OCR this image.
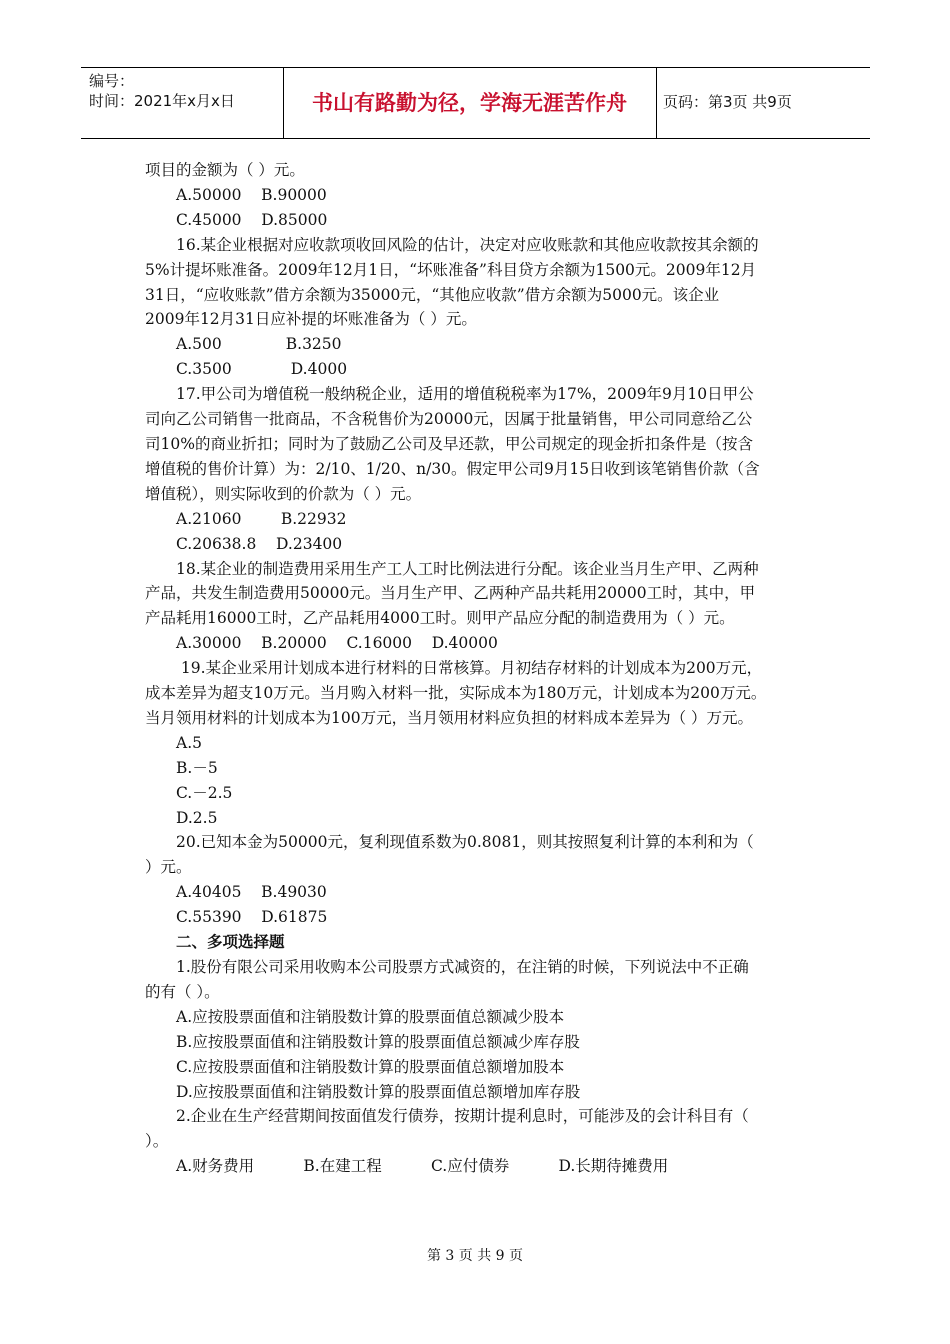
编号：
时间：2021年x月x日	书山有路勤为径，学海无涯苦作舟	页码：第3页 共9页
项目的金额为（ ）元。
A.50000    B.90000
C.45000    D.85000
16.某企业根据对应收款项收回风险的估计，决定对应收账款和其他应收款按其余额的
5%计提坏账准备。2009年12月1日，“坏账准备”科目贷方余额为1500元。2009年12月
31日，“应收账款”借方余额为35000元，“其他应收款”借方余额为5000元。该企业
2009年12月31日应补提的坏账准备为（ ）元。
A.500             B.3250
C.3500            D.4000
17.甲公司为增值税一般纳税企业，适用的增值税税率为17%，2009年9月10日甲公
司向乙公司销售一批商品，不含税售价为20000元，因属于批量销售，甲公司同意给乙公
司10%的商业折扣；同时为了鼓励乙公司及早还款，甲公司规定的现金折扣条件是（按含
增值税的售价计算）为：2/10、1/20、n/30。假定甲公司9月15日收到该笔销售价款（含
增值税），则实际收到的价款为（ ）元。
A.21060        B.22932
C.20638.8    D.23400
18.某企业的制造费用采用生产工人工时比例法进行分配。该企业当月生产甲、乙两种
产品，共发生制造费用50000元。当月生产甲、乙两种产品共耗用20000工时，其中，甲
产品耗用16000工时，乙产品耗用4000工时。则甲产品应分配的制造费用为（ ）元。
A.30000    B.20000    C.16000    D.40000
19.某企业采用计划成本进行材料的日常核算。月初结存材料的计划成本为200万元，
成本差异为超支10万元。当月购入材料一批，实际成本为180万元，计划成本为200万元。
当月领用材料的计划成本为100万元，当月领用材料应负担的材料成本差异为（ ）万元。
A.5
B.－5
C.－2.5
D.2.5
20.已知本金为50000元，复利现值系数为0.8081，则其按照复利计算的本利和为（
）元。
A.40405    B.49030
C.55390    D.61875
二、多项选择题
1.股份有限公司采用收购本公司股票方式减资的，在注销的时候，下列说法中不正确
的有（ ）。
A.应按股票面值和注销股数计算的股票面值总额减少股本
B.应按股票面值和注销股数计算的股票面值总额减少库存股
C.应按股票面值和注销股数计算的股票面值总额增加股本
D.应按股票面值和注销股数计算的股票面值总额增加库存股
2.企业在生产经营期间按面值发行债券，按期计提利息时，可能涉及的会计科目有（
）。
A.财务费用          B.在建工程          C.应付债券          D.长期待摊费用
第 3 页 共 9 页
